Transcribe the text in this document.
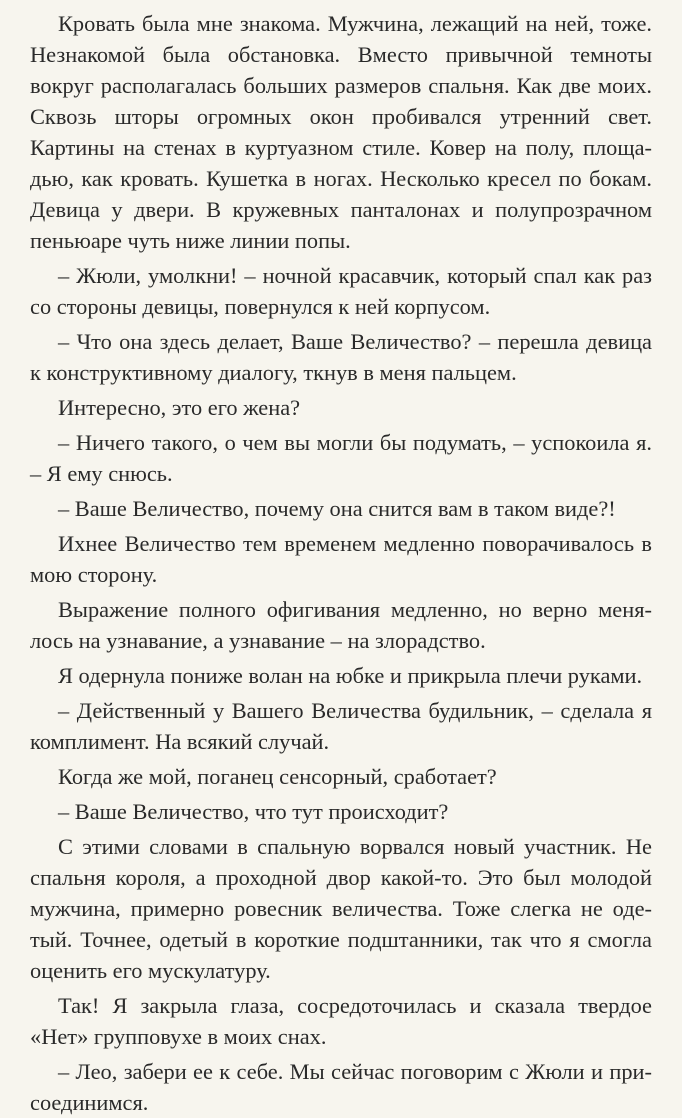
Кровать была мне знакома. Мужчина, лежащий на ней, тоже. Незнакомой была обстановка. Вместо привычной темноты вокруг располагалась больших размеров спальня. Как две моих. Сквозь шторы огромных окон пробивался утренний свет. Картины на стенах в куртуазном стиле. Ковер на полу, площадью, как кровать. Кушетка в ногах. Несколько кресел по бокам. Девица у двери. В кружевных панталонах и полупрозрачном пеньюаре чуть ниже линии попы.

– Жюли, умолкни! – ночной красавчик, который спал как раз со стороны девицы, повернулся к ней корпусом.

– Что она здесь делает, Ваше Величество? – перешла девица к конструктивному диалогу, ткнув в меня пальцем.

Интересно, это его жена?

– Ничего такого, о чем вы могли бы подумать, – успокоила я. – Я ему снюсь.

– Ваше Величество, почему она снится вам в таком виде?!

Ихнее Величество тем временем медленно поворачивалось в мою сторону.

Выражение полного офигивания медленно, но верно менялось на узнавание, а узнавание – на злорадство.

Я одернула пониже волан на юбке и прикрыла плечи руками.

– Действенный у Вашего Величества будильник, – сделала я комплимент. На всякий случай.

Когда же мой, поганец сенсорный, сработает?

– Ваше Величество, что тут происходит?

С этими словами в спальную ворвался новый участник. Не спальня короля, а проходной двор какой-то. Это был молодой мужчина, примерно ровесник величества. Тоже слегка не одетый. Точнее, одетый в короткие подштанники, так что я смогла оценить его мускулатуру.

Так! Я закрыла глаза, сосредоточилась и сказала твердое «Нет» групповухе в моих снах.

– Лео, забери ее к себе. Мы сейчас поговорим с Жюли и присоединимся.
